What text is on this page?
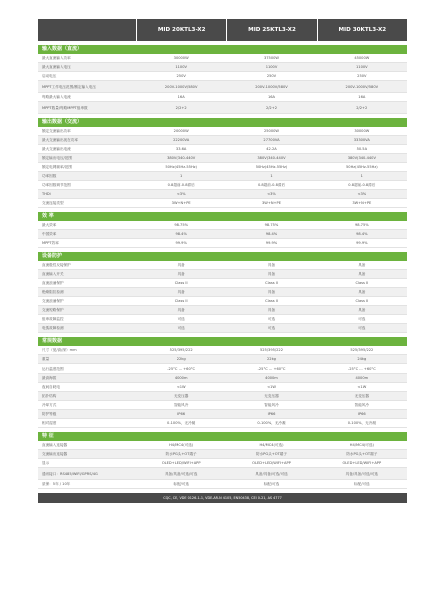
MID 20KTL3-X2	MID 25KTL3-X2	MID 30KTL3-X2
输入数据（直流）
最大直流输入功率	30000W	37500W	45000W
最大直流输入电压	1100V	1100V	1100V
启动电压	250V	250V	250V
MPPT工作电压范围/额定输入电压	200V-1000V/580V	200V-1000V/580V	200V-1000V/580V
每路最大输入电流	16A	16A	16A
MPPT数量/每路MPPT组串数	2/2+2	2/2+2	2/2+2
输出数据（交流）
额定交流输出功率	20000W	25000W	30000W
最大交流输出视在功率	22200VA	27700VA	33300VA
最大交流输出电流	33.6A	42.2A	50.5A
额定输出电压/范围	380V(340-440V	380V(340-440V	380V(340-440V
额定电网频率/范围	50Hz(45Hz-55Hz)	50Hz(45Hz-55Hz)	50Hz(45Hz-55Hz)
功率因数	1	1	1
功率因数调节范围	0.8超前-0.8滞后	0.8超前-0.8滞后	0.8超前-0.8滞后
THDi	<3%	<3%	<3%
交流连接类型	3W+N+PE	3W+N+PE	3W+N+PE
效 率
最大效率	98.75%	98.75%	98.75%
中国效率	98.4%	98.4%	98.4%
MPPT效率	99.9%	99.9%	99.9%
设备防护
直流极性反接保护	具备	具备	具备
直流输入开关	具备	具备	具备
直流浪涌保护	Class II	Class II	Class II
绝缘阻抗检测	具备	具备	具备
交流浪涌保护	Class II	Class II	Class II
交流短路保护	具备	具备	具备
组串故障监控	可选	可选	可选
电弧故障检测	可选	可选	可选
常规数据
尺寸（宽/高/深）mm	525/395/222	525/395/222	525/395/222
重量	22kg	22kg	24kg
运行温度范围	-25°C ... +60°C	-25°C ... +60°C	-25°C ... +60°C
最高海拔	4000m	4000m	4000m
夜间自耗电	<1W	<1W	<1W
拓扑结构	无变压器	无变压器	无变压器
冷却方式	智能风冷	智能风冷	智能风冷
防护等级	IP66	IP66	IP66
相对湿度	0-100%，无冷凝	0-100%，无冷凝	0-100%，无冷凝
特 征
直流输入连接器	H4/MC4(可选)	H4/MC4(可选)	H4/MC4(可选)
交流输出连接器	防水PG头+OT端子	防水PG头+OT端子	防水PG头+OT端子
显示	OLED+LED/WIFI+APP	OLED+LED/WIFI+APP	OLED+LED/WIFI+APP
通讯接口：RS485/WIFI/GPRS/4G	具备/具备/可选/可选	具备/具备/可选/可选	具备/具备/可选/可选
质保：5年 / 10年	标配/可选	标配/可选	标配/可选
CQC, CE, VDE 0126-1-1, VDE-AR-N 4105, EN50438, CEI 0-21, AS 4777
